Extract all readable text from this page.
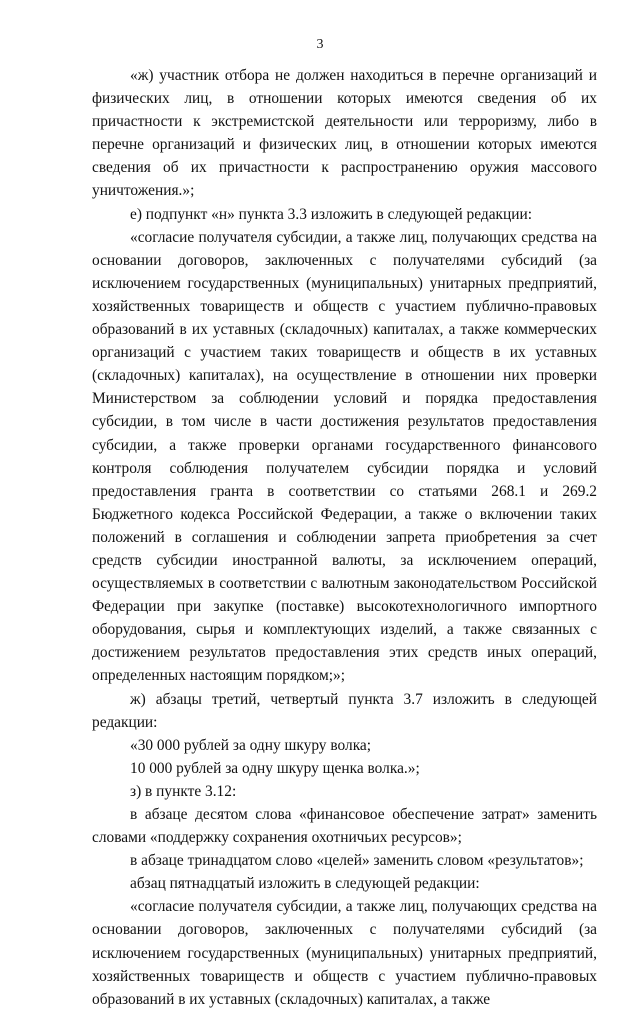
3

«ж) участник отбора не должен находиться в перечне организаций и физических лиц, в отношении которых имеются сведения об их причастности к экстремистской деятельности или терроризму, либо в перечне организаций и физических лиц, в отношении которых имеются сведения об их причастности к распространению оружия массового уничтожения.»;

е) подпункт «н» пункта 3.3 изложить в следующей редакции:

«согласие получателя субсидии, а также лиц, получающих средства на основании договоров, заключенных с получателями субсидий (за исключением государственных (муниципальных) унитарных предприятий, хозяйственных товариществ и обществ с участием публично-правовых образований в их уставных (складочных) капиталах, а также коммерческих организаций с участием таких товариществ и обществ в их уставных (складочных) капиталах), на осуществление в отношении них проверки Министерством за соблюдении условий и порядка предоставления субсидии, в том числе в части достижения результатов предоставления субсидии, а также проверки органами государственного финансового контроля соблюдения получателем субсидии порядка и условий предоставления гранта в соответствии со статьями 268.1 и 269.2 Бюджетного кодекса Российской Федерации, а также о включении таких положений в соглашения и соблюдении запрета приобретения за счет средств субсидии иностранной валюты, за исключением операций, осуществляемых в соответствии с валютным законодательством Российской Федерации при закупке (поставке) высокотехнологичного импортного оборудования, сырья и комплектующих изделий, а также связанных с достижением результатов предоставления этих средств иных операций, определенных настоящим порядком;»;

ж) абзацы третий, четвертый пункта 3.7 изложить в следующей редакции:

«30 000 рублей за одну шкуру волка;

10 000 рублей за одну шкуру щенка волка.»;

з) в пункте 3.12:

в абзаце десятом слова «финансовое обеспечение затрат» заменить словами «поддержку сохранения охотничьих ресурсов»;

в абзаце тринадцатом слово «целей» заменить словом «результатов»;

абзац пятнадцатый изложить в следующей редакции:

«согласие получателя субсидии, а также лиц, получающих средства на основании договоров, заключенных с получателями субсидий (за исключением государственных (муниципальных) унитарных предприятий, хозяйственных товариществ и обществ с участием публично-правовых образований в их уставных (складочных) капиталах, а также
